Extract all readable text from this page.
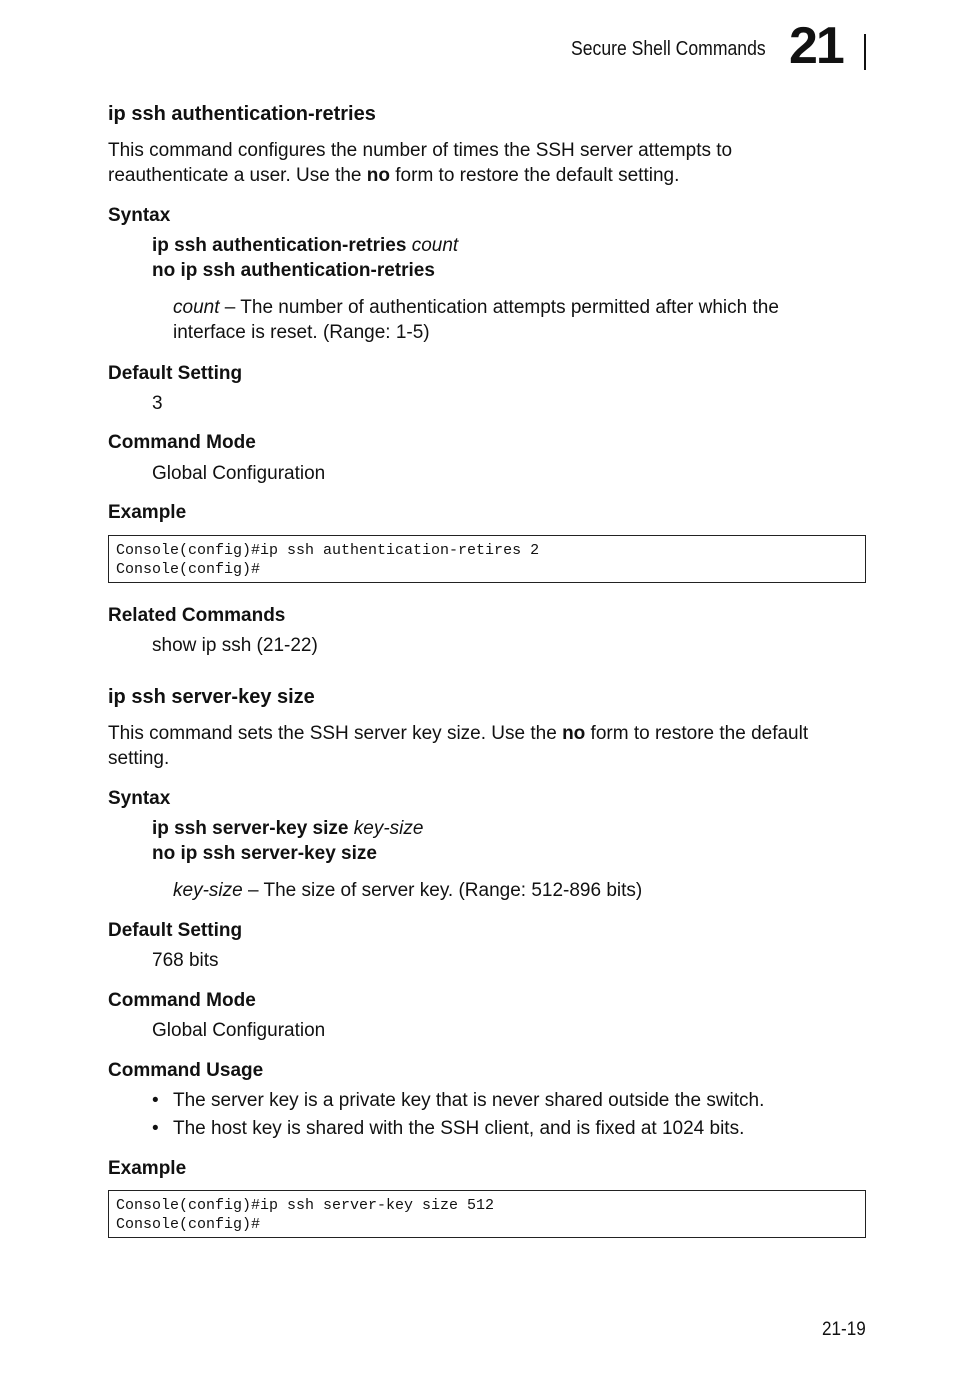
Secure Shell Commands 21
ip ssh authentication-retries
This command configures the number of times the SSH server attempts to
reauthenticate a user. Use the no form to restore the default setting.
Syntax
ip ssh authentication-retries count
no ip ssh authentication-retries
count – The number of authentication attempts permitted after which the
interface is reset. (Range: 1-5)
Default Setting
3
Command Mode
Global Configuration
Example
Console(config)#ip ssh authentication-retires 2
Console(config)#
Related Commands
show ip ssh (21-22)
ip ssh server-key size
This command sets the SSH server key size. Use the no form to restore the default
setting.
Syntax
ip ssh server-key size key-size
no ip ssh server-key size
key-size – The size of server key. (Range: 512-896 bits)
Default Setting
768 bits
Command Mode
Global Configuration
Command Usage
• The server key is a private key that is never shared outside the switch.
• The host key is shared with the SSH client, and is fixed at 1024 bits.
Example
Console(config)#ip ssh server-key size 512
Console(config)#
21-19
